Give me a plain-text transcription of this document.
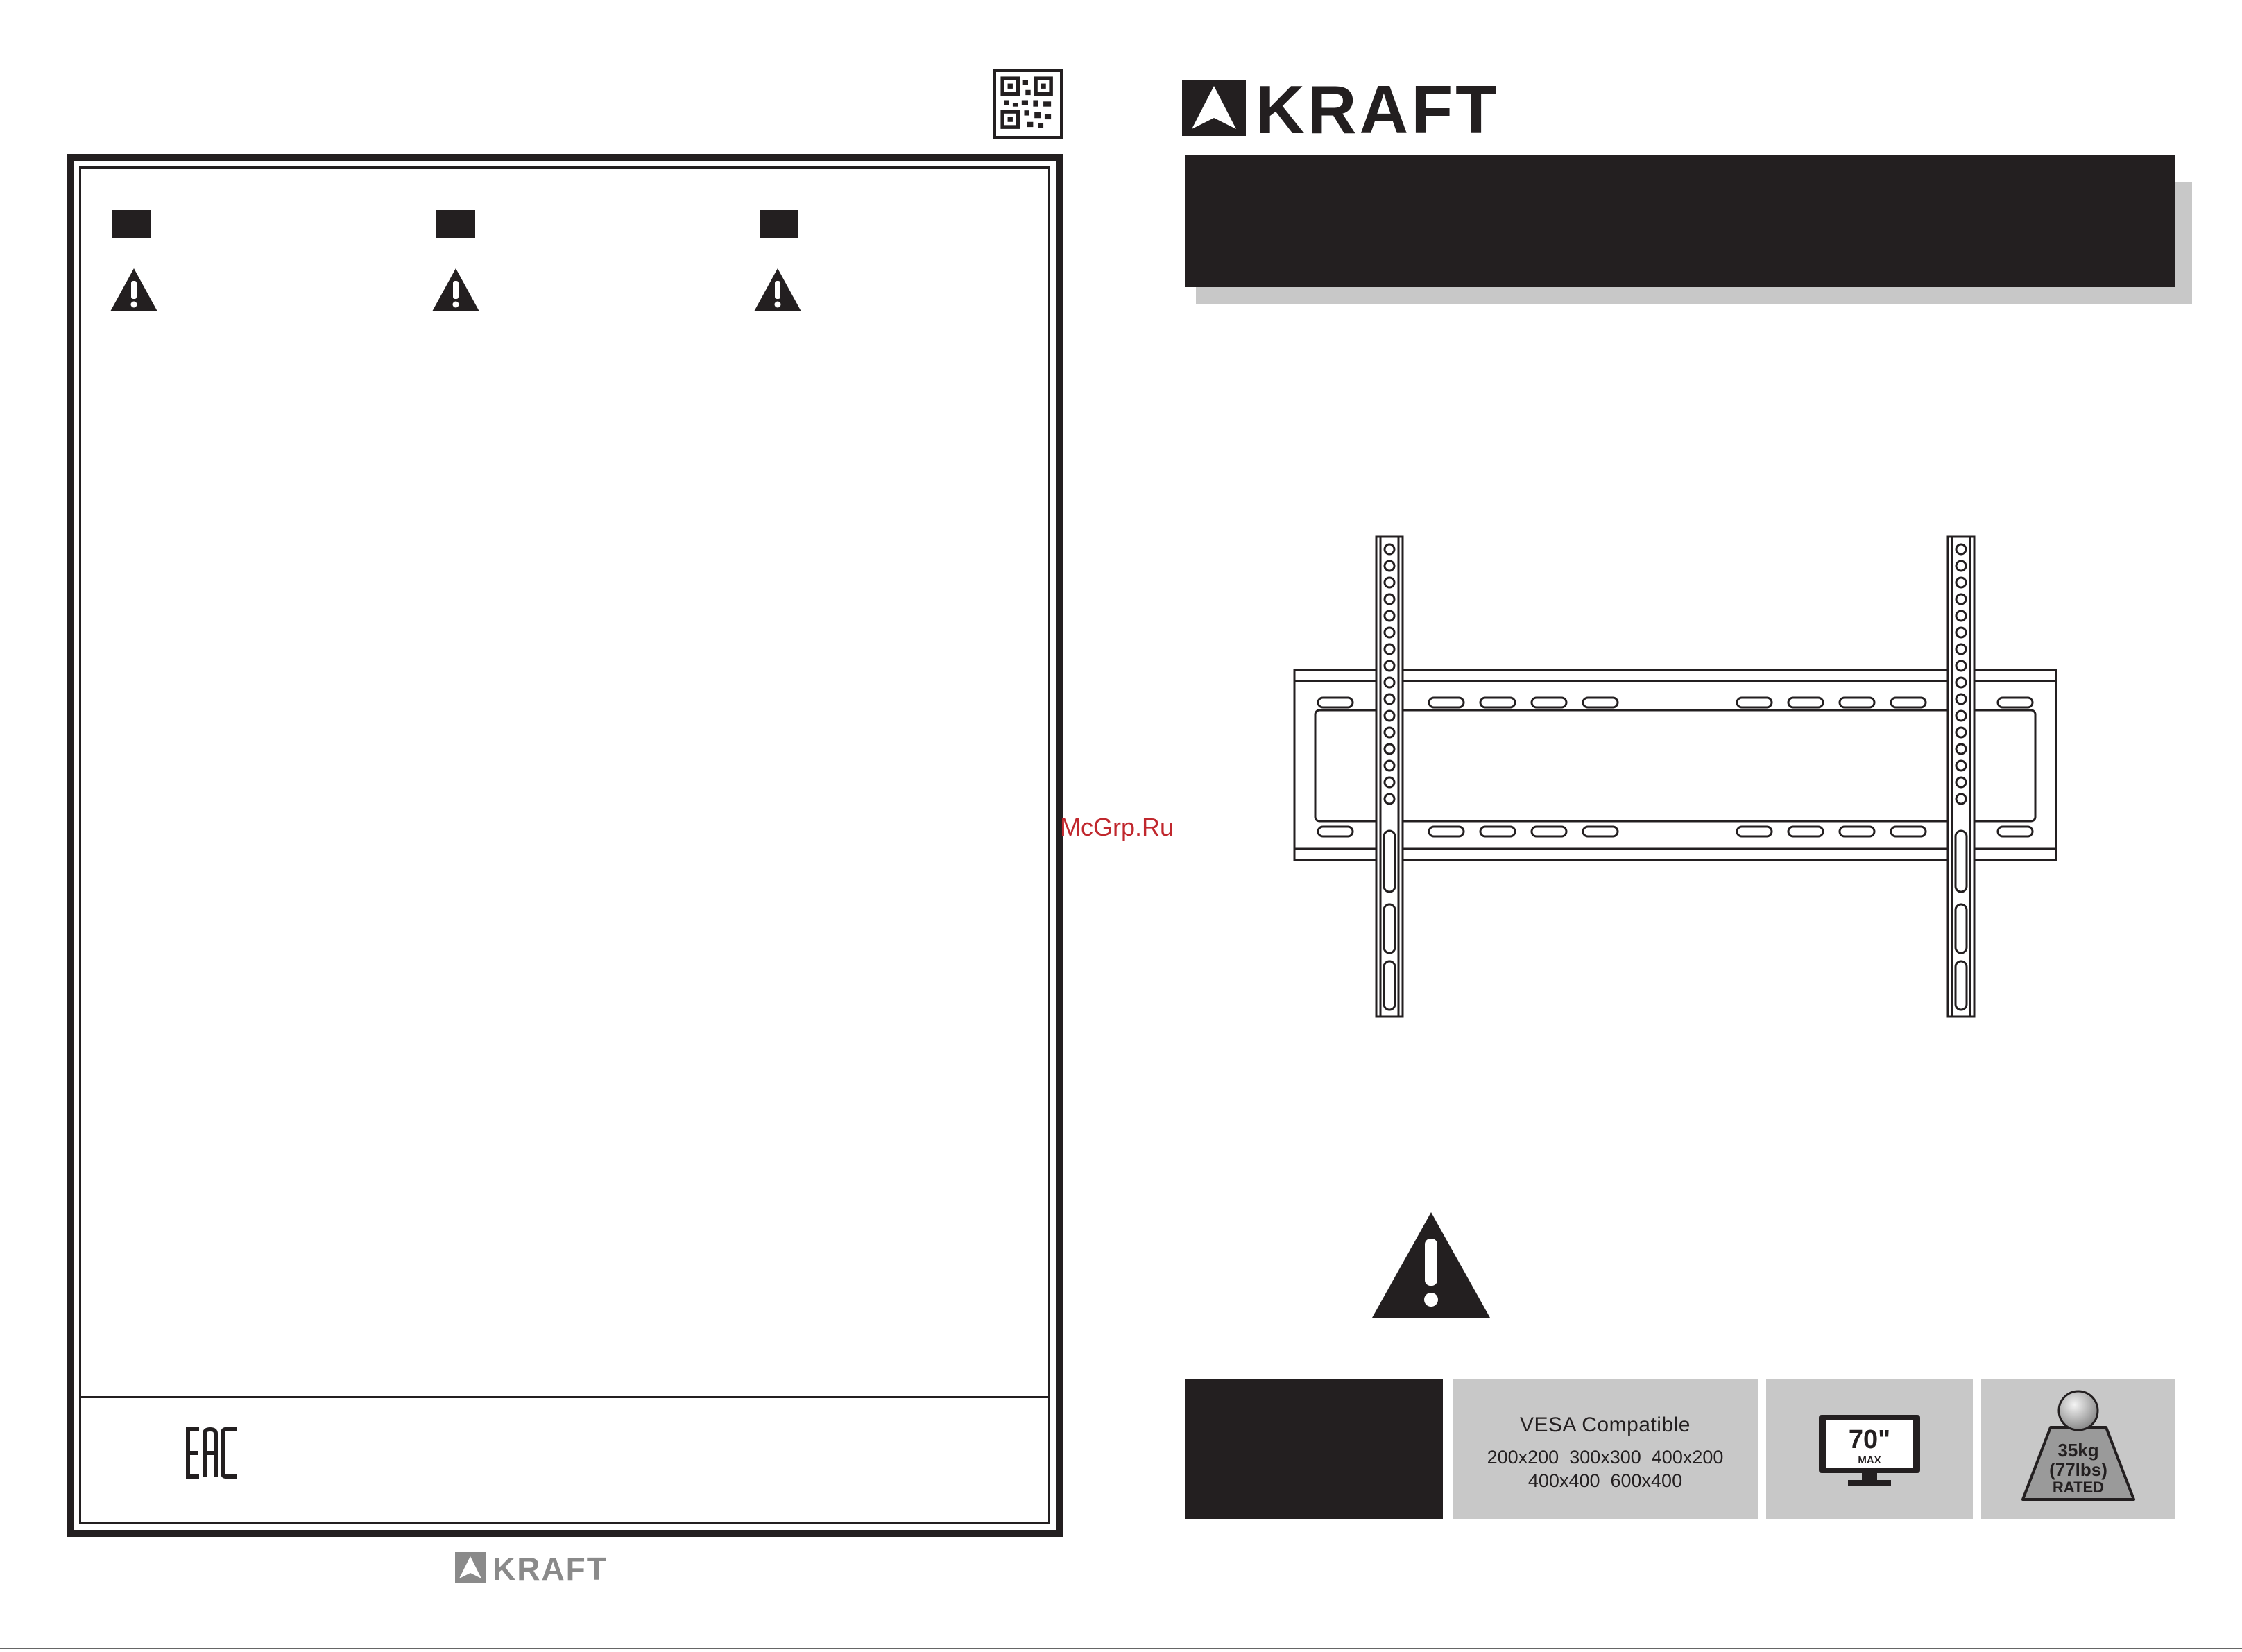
KRAFT
KRAFT
McGrp.Ru
VESA Compatible
200x200  300x300  400x200
400x400  600x400
70"
MAX	35kg
(77lbs)
RATED
